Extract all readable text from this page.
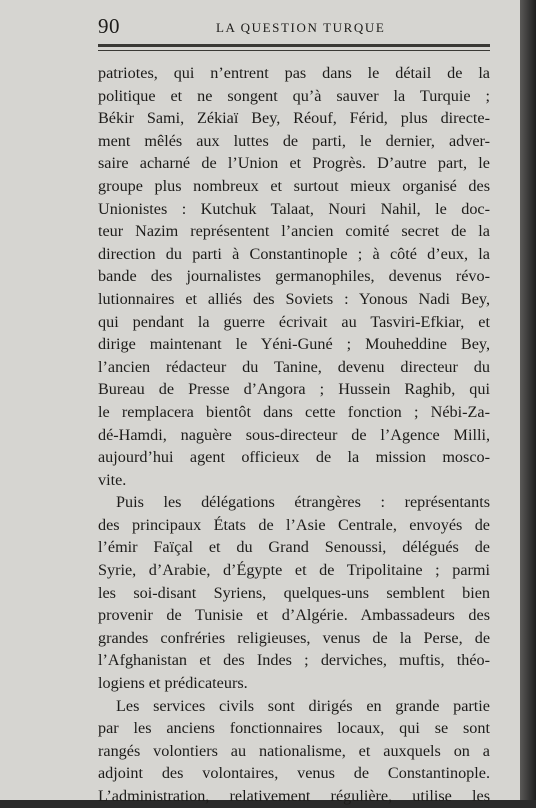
90	LA QUESTION TURQUE
patriotes, qui n’entrent pas dans le détail de la
politique et ne songent qu’à sauver la Turquie ;
Békir Sami, Zékiaï Bey, Réouf, Férid, plus directe-
ment mêlés aux luttes de parti, le dernier, adver-
saire acharné de l’Union et Progrès. D’autre part, le
groupe plus nombreux et surtout mieux organisé des
Unionistes : Kutchuk Talaat, Nouri Nahil, le doc-
teur Nazim représentent l’ancien comité secret de la
direction du parti à Constantinople ; à côté d’eux, la
bande des journalistes germanophiles, devenus révo-
lutionnaires et alliés des Soviets : Yonous Nadi Bey,
qui pendant la guerre écrivait au Tasviri-Efkiar, et
dirige maintenant le Yéni-Guné ; Mouheddine Bey,
l’ancien rédacteur du Tanine, devenu directeur du
Bureau de Presse d’Angora ; Hussein Raghib, qui
le remplacera bientôt dans cette fonction ; Nébi-Za-
dé-Hamdi, naguère sous-directeur de l’Agence Milli,
aujourd’hui agent officieux de la mission mosco-
vite.
Puis les délégations étrangères : représentants
des principaux États de l’Asie Centrale, envoyés de
l’émir Faïçal et du Grand Senoussi, délégués de
Syrie, d’Arabie, d’Égypte et de Tripolitaine ; parmi
les soi-disant Syriens, quelques-uns semblent bien
provenir de Tunisie et d’Algérie. Ambassadeurs des
grandes confréries religieuses, venus de la Perse, de
l’Afghanistan et des Indes ; derviches, muftis, théo-
logiens et prédicateurs.
Les services civils sont dirigés en grande partie
par les anciens fonctionnaires locaux, qui se sont
rangés volontiers au nationalisme, et auxquels on a
adjoint des volontaires, venus de Constantinople.
L’administration, relativement régulière, utilise les
